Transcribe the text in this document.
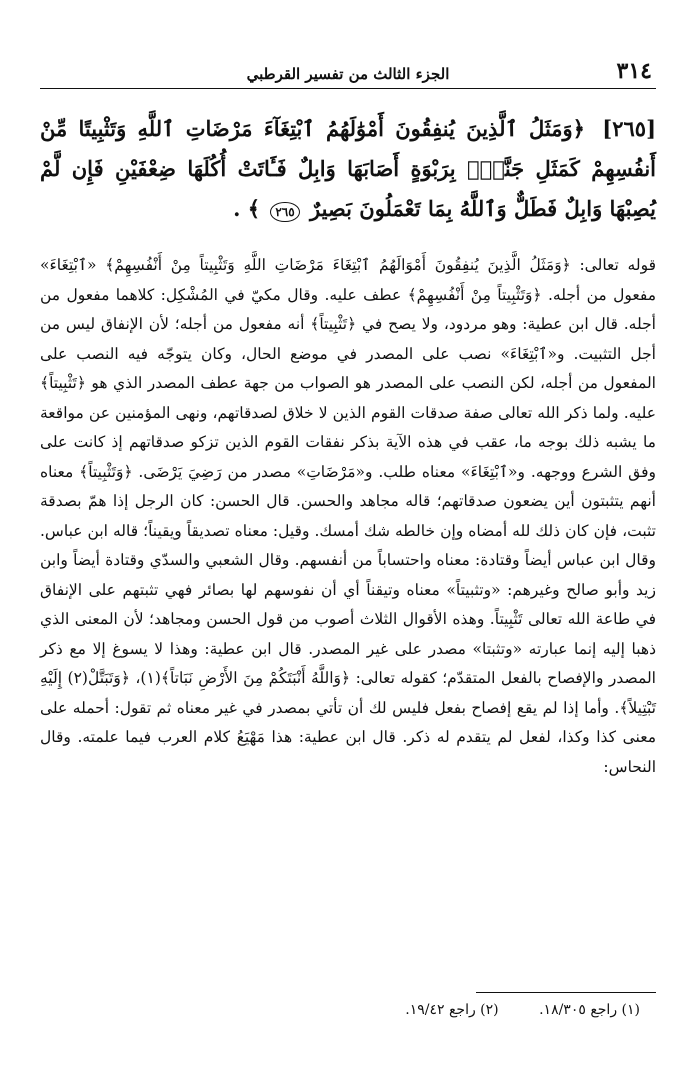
٣١٤
الجزء الثالث من تفسير القرطبي
[٢٦٥] ﴿وَمَثَلُ ٱلَّذِينَ يُنفِقُونَ أَمْوَٰلَهُمُ ٱبْتِغَآءَ مَرْضَاتِ ٱللَّهِ وَتَثْبِيتًا مِّنْ أَنفُسِهِمْ كَمَثَلِ جَنَّةٍۭ بِرَبْوَةٍ أَصَابَهَا وَابِلٌ فَـَٔاتَتْ أُكُلَهَا ضِعْفَيْنِ فَإِن لَّمْ يُصِبْهَا وَابِلٌ فَطَلٌّ وَٱللَّهُ بِمَا تَعْمَلُونَ بَصِيرٌ ٢٦٥ ﴾ .

قوله تعالى: ﴿وَمَثَلُ الَّذِينَ يُنفِقُونَ أَمْوَالَهُمُ ٱبْتِغَاءَ مَرْضَاتِ اللَّهِ وَتَثْبِيتاً مِنْ أَنْفُسِهِمْ﴾ «ٱبْتِغَاءَ» مفعول من أجله. ﴿وَتَثْبِيتاً مِنْ أَنْفُسِهِمْ﴾ عطف عليه. وقال مكيّ في المُشْكِل: كلاهما مفعول من أجله. قال ابن عطية: وهو مردود، ولا يصح في ﴿تَثْبِيتاً﴾ أنه مفعول من أجله؛ لأن الإنفاق ليس من أجل التثبيت. و«ٱبْتِغَاءَ» نصب على المصدر في موضع الحال، وكان يتوجّه فيه النصب على المفعول من أجله، لكن النصب على المصدر هو الصواب من جهة عطف المصدر الذي هو ﴿تَثْبِيتاً﴾ عليه. ولما ذكر الله تعالى صفة صدقات القوم الذين لا خلاق لصدقاتهم، ونهى المؤمنين عن مواقعة ما يشبه ذلك بوجه ما، عقب في هذه الآية بذكر نفقات القوم الذين تزكو صدقاتهم إذ كانت على وفق الشرع ووجهه. و«ٱبْتِغَاءَ» معناه طلب. و«مَرْضَاتِ» مصدر من رَضِيَ يَرْضَى. ﴿وَتَثْبِيتاً﴾ معناه أنهم يتثبتون أين يضعون صدقاتهم؛ قاله مجاهد والحسن. قال الحسن: كان الرجل إذا همّ بصدقة تثبت، فإن كان ذلك لله أمضاه وإن خالطه شك أمسك. وقيل: معناه تصديقاً ويقيناً؛ قاله ابن عباس. وقال ابن عباس أيضاً وقتادة: معناه واحتساباً من أنفسهم. وقال الشعبي والسدّي وقتادة أيضاً وابن زيد وأبو صالح وغيرهم: «وتثبيتاً» معناه وتيقناً أي أن نفوسهم لها بصائر فهي تثبتهم على الإنفاق في طاعة الله تعالى تَثْبِيتاً. وهذه الأقوال الثلاث أصوب من قول الحسن ومجاهد؛ لأن المعنى الذي ذهبا إليه إنما عبارته «وتثبتا» مصدر على غير المصدر. قال ابن عطية: وهذا لا يسوغ إلا مع ذكر المصدر والإفصاح بالفعل المتقدّم؛ كقوله تعالى: ﴿وَاللَّهُ أَنْبَتَكُمْ مِنَ الأَرْضِ نَبَاتاً﴾(١)، ﴿وَتَبَتَّلْ(٢) إِلَيْهِ تَبْتِيلاً﴾. وأما إذا لم يقع إفصاح بفعل فليس لك أن تأتي بمصدر في غير معناه ثم تقول: أحمله على معنى كذا وكذا، لفعل لم يتقدم له ذكر. قال ابن عطية: هذا مَهْيَعُ كلام العرب فيما علمته. وقال النحاس:

(١) راجع ١٨/٣٠٥. (٢) راجع ١٩/٤٢.
